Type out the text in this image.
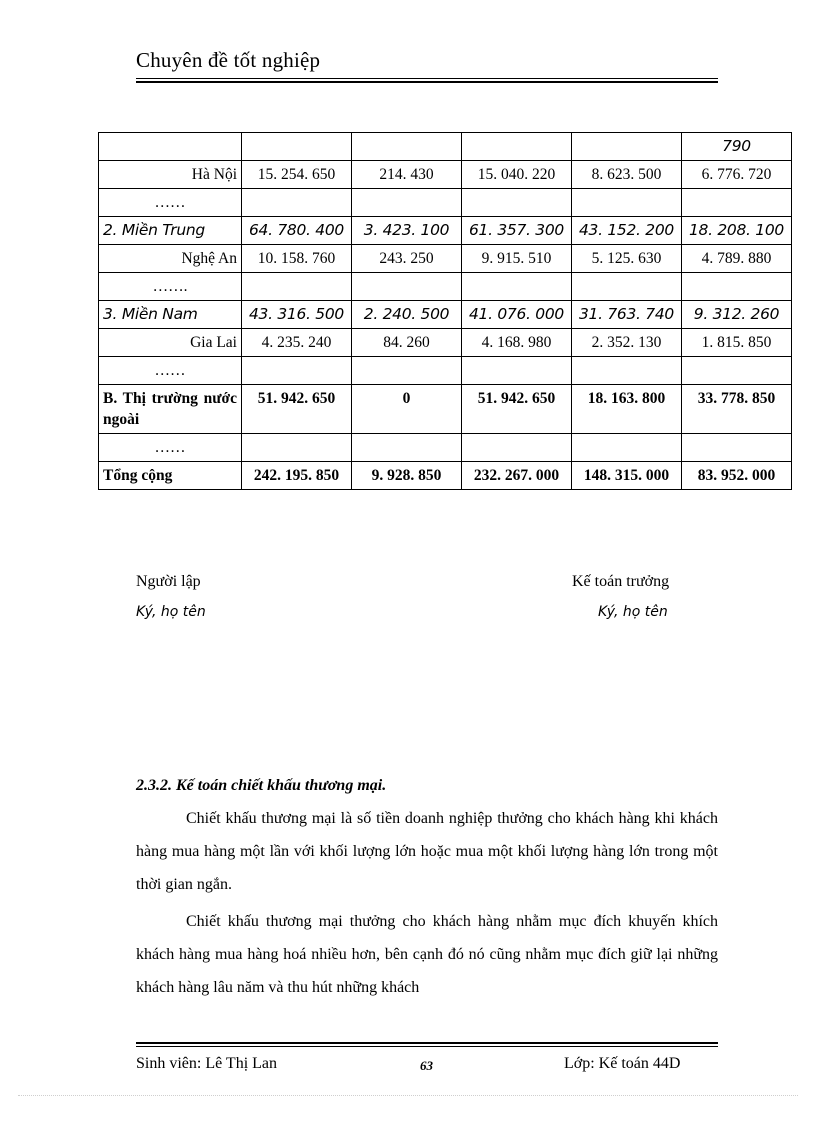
Chuyên đề tốt nghiệp
					790
Hà Nội	15. 254. 650	214. 430	15. 040. 220	8. 623. 500	6. 776. 720
……					
2. Miền Trung	64. 780. 400	3. 423. 100	61. 357. 300	43. 152. 200	18. 208. 100
Nghệ An	10. 158. 760	243. 250	9. 915. 510	5. 125. 630	4. 789. 880
…….					
3. Miền Nam	43. 316. 500	2. 240. 500	41. 076. 000	31. 763. 740	9. 312. 260
Gia Lai	4. 235. 240	84. 260	4. 168. 980	2. 352. 130	1. 815. 850
……					
B. Thị trường nước ngoài	51. 942. 650	0	51. 942. 650	18. 163. 800	33. 778. 850
……					
Tổng cộng	242. 195. 850	9. 928. 850	232. 267. 000	148. 315. 000	83. 952. 000
Người lập
Ký, họ tên
Kế toán trưởng
Ký, họ tên
2.3.2. Kế toán chiết khấu thương mại.

Chiết khấu thương mại là số tiền doanh nghiệp thưởng cho khách hàng khi khách hàng mua hàng một lần với khối lượng lớn hoặc mua một khối lượng hàng lớn trong một thời gian ngắn.

Chiết khấu thương mại thưởng cho khách hàng nhằm mục đích khuyến khích khách hàng mua hàng hoá nhiều hơn, bên cạnh đó nó cũng nhằm mục đích giữ lại những khách hàng lâu năm và thu hút những khách

Sinh viên: Lê Thị Lan	63	Lớp: Kế toán 44D
